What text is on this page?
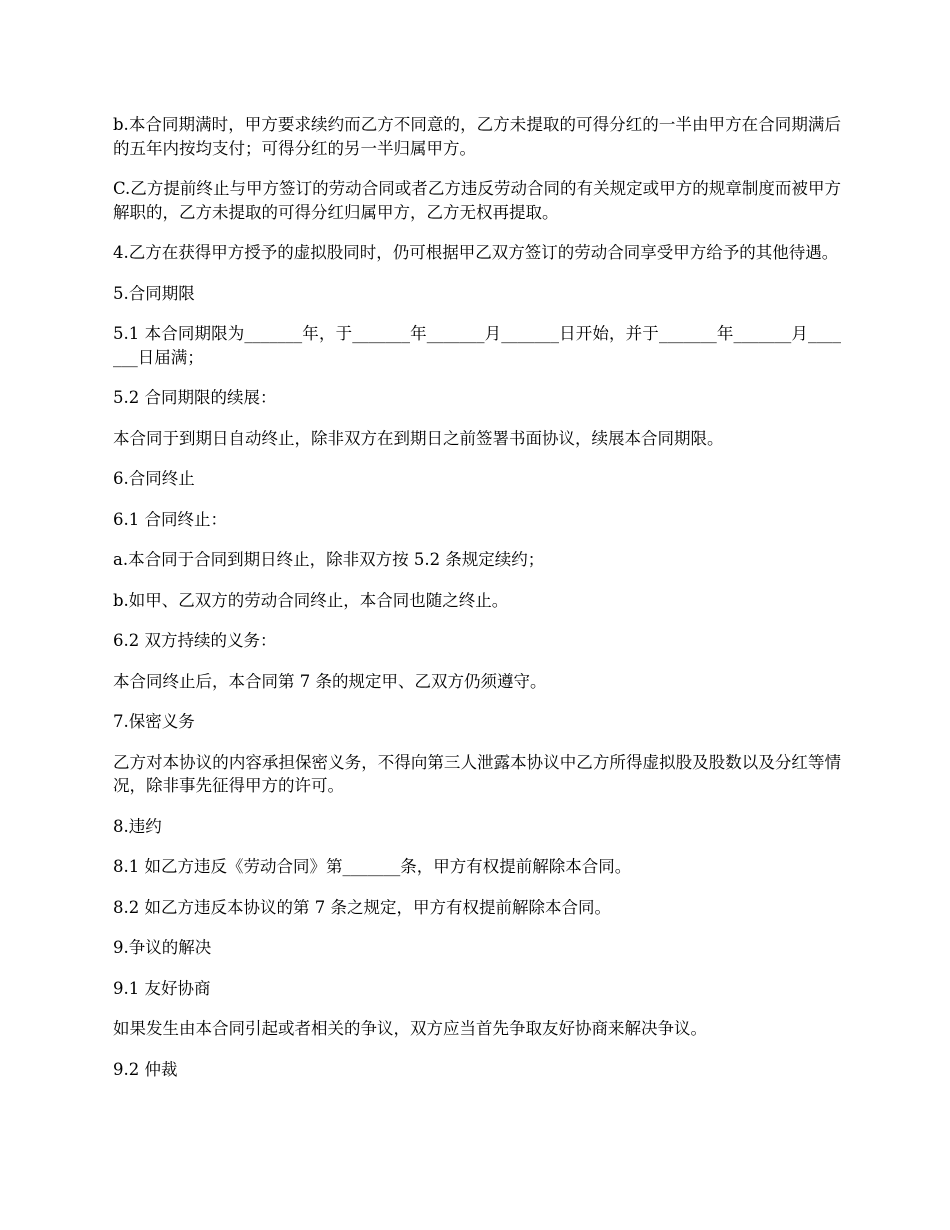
b.本合同期满时，甲方要求续约而乙方不同意的，乙方未提取的可得分红的一半由甲方在合同期满后的五年内按均支付；可得分红的另一半归属甲方。

C.乙方提前终止与甲方签订的劳动合同或者乙方违反劳动合同的有关规定或甲方的规章制度而被甲方解职的，乙方未提取的可得分红归属甲方，乙方无权再提取。

4.乙方在获得甲方授予的虚拟股同时，仍可根据甲乙双方签订的劳动合同享受甲方给予的其他待遇。

5.合同期限

5.1 本合同期限为_______年，于_______年_______月_______日开始，并于_______年_______月_______日届满；

5.2 合同期限的续展：

本合同于到期日自动终止，除非双方在到期日之前签署书面协议，续展本合同期限。

6.合同终止

6.1 合同终止：

a.本合同于合同到期日终止，除非双方按 5.2 条规定续约；

b.如甲、乙双方的劳动合同终止，本合同也随之终止。

6.2 双方持续的义务：

本合同终止后，本合同第 7 条的规定甲、乙双方仍须遵守。

7.保密义务

乙方对本协议的内容承担保密义务，不得向第三人泄露本协议中乙方所得虚拟股及股数以及分红等情况，除非事先征得甲方的许可。

8.违约

8.1 如乙方违反《劳动合同》第_______条，甲方有权提前解除本合同。

8.2 如乙方违反本协议的第 7 条之规定，甲方有权提前解除本合同。

9.争议的解决

9.1 友好协商

如果发生由本合同引起或者相关的争议，双方应当首先争取友好协商来解决争议。

9.2 仲裁
